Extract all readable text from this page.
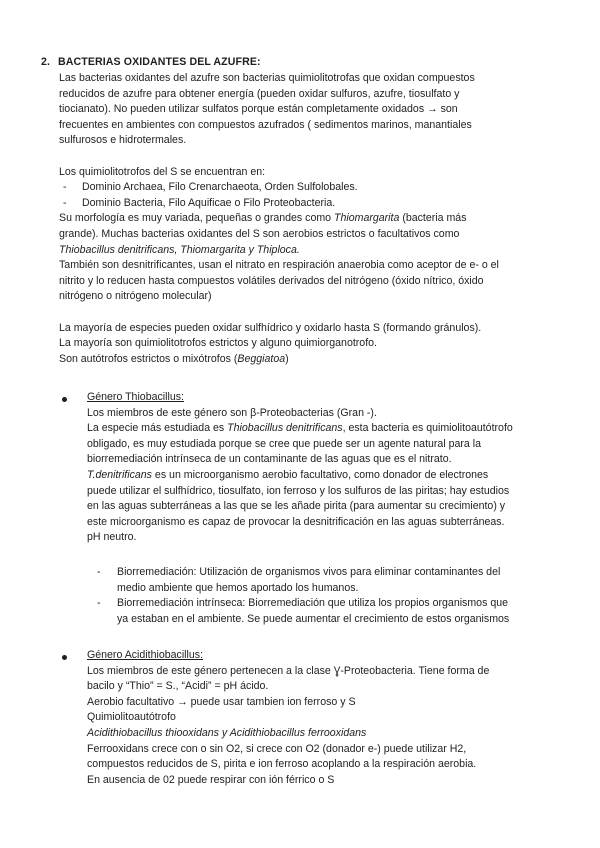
2. BACTERIAS OXIDANTES DEL AZUFRE:
Las bacterias oxidantes del azufre son bacterias quimiolitotrofas que oxidan compuestos
reducidos de azufre para obtener energía (pueden oxidar sulfuros, azufre, tiosulfato y
tiocianato). No pueden utilizar sulfatos porque están completamente oxidados → son
frecuentes en ambientes con compuestos azufrados ( sedimentos marinos, manantiales
sulfurosos e hidrotermales.
Los quimiolitotrofos del S se encuentran en:
- Dominio Archaea, Filo Crenarchaeota, Orden Sulfolobales.
- Dominio Bacteria, Filo Aquificae o Filo Proteobacteria.
Su morfología es muy variada, pequeñas o grandes como Thiomargarita (bacteria más
grande). Muchas bacterias oxidantes del S son aerobios estrictos o facultativos como
Thiobacillus denitrificans, Thiomargarita y Thiploca.
También son desnitrificantes, usan el nitrato en respiración anaerobia como aceptor de e- o el
nitrito y lo reducen hasta compuestos volátiles derivados del nitrógeno (óxido nítrico, óxido
nitrógeno o nitrógeno molecular)
La mayoría de especies pueden oxidar sulfhídrico y oxidarlo hasta S (formando gránulos).
La mayoría son quimiolitotrofos estrictos y alguno quimiorganotrofo.
Son autótrofos estrictos o mixótrofos (Beggiatoa)
Género Thiobacillus:
Los miembros de este género son β-Proteobacterias (Gran -).
La especie más estudiada es Thiobacillus denitrificans, esta bacteria es quimiolitoautótrofo
obligado, es muy estudiada porque se cree que puede ser un agente natural para la
biorremediación intrínseca de un contaminante de las aguas que es el nitrato.
T.denitrificans es un microorganismo aerobio facultativo, como donador de electrones
puede utilizar el sulfhídrico, tiosulfato, ion ferroso y los sulfuros de las piritas; hay estudios
en las aguas subterráneas a las que se les añade pirita (para aumentar su crecimiento) y
este microorganismo es capaz de provocar la desnitrificación en las aguas subterráneas.
pH neutro.
- Biorremediación: Utilización de organismos vivos para eliminar contaminantes del
medio ambiente que hemos aportado los humanos.
- Biorremediación intrínseca: Biorremediación que utiliza los propios organismos que
ya estaban en el ambiente. Se puede aumentar el crecimiento de estos organismos
Género Acidithiobacillus:
Los miembros de este género pertenecen a la clase Ɣ-Proteobacteria. Tiene forma de
bacilo y “Thio” = S., “Acidi” = pH ácido.
Aerobio facultativo → puede usar tambien ion ferroso y S
Quimiolitoautótrofo
Acidithiobacillus thiooxidans y Acidithiobacillus ferrooxidans
Ferrooxidans crece con o sin O2, si crece con O2 (donador e-) puede utilizar H2,
compuestos reducidos de S, pirita e ion ferroso acoplando a la respiración aerobia.
En ausencia de 02 puede respirar con ión férrico o S
